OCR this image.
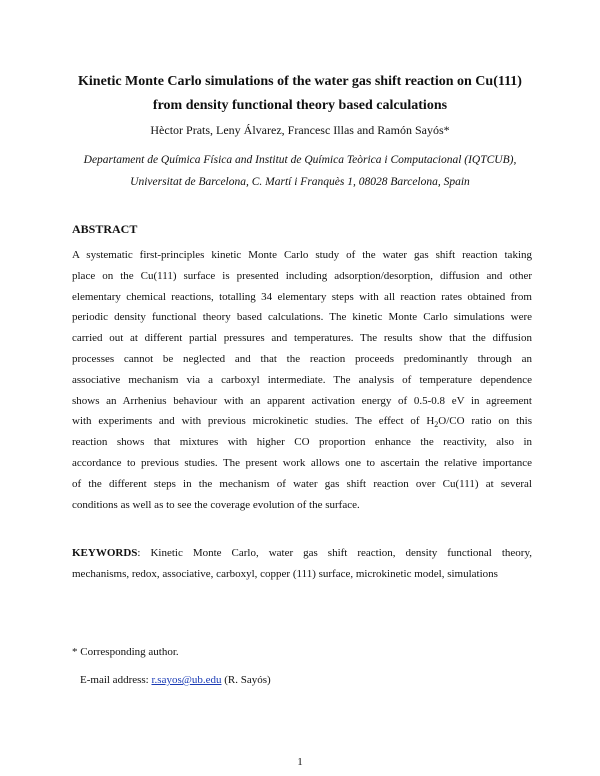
Kinetic Monte Carlo simulations of the water gas shift reaction on Cu(111)
from density functional theory based calculations
Hèctor Prats, Leny Álvarez, Francesc Illas and Ramón Sayós*
Departament de Química Física and Institut de Química Teòrica i Computacional (IQTCUB),
Universitat de Barcelona, C. Martí i Franquès 1, 08028 Barcelona, Spain
ABSTRACT
A systematic first-principles kinetic Monte Carlo study of the water gas shift reaction taking
place on the Cu(111) surface is presented including adsorption/desorption, diffusion and other
elementary chemical reactions, totalling 34 elementary steps with all reaction rates obtained from
periodic density functional theory based calculations. The kinetic Monte Carlo simulations were
carried out at different partial pressures and temperatures. The results show that the diffusion
processes cannot be neglected and that the reaction proceeds predominantly through an
associative mechanism via a carboxyl intermediate. The analysis of temperature dependence
shows an Arrhenius behaviour with an apparent activation energy of 0.5-0.8 eV in agreement
with experiments and with previous microkinetic studies. The effect of $H_2O/CO$ ratio on this
reaction shows that mixtures with higher CO proportion enhance the reactivity, also in
accordance to previous studies. The present work allows one to ascertain the relative importance
of the different steps in the mechanism of water gas shift reaction over Cu(111) at several
conditions as well as to see the coverage evolution of the surface.
KEYWORDS: Kinetic Monte Carlo, water gas shift reaction, density functional theory,
mechanisms, redox, associative, carboxyl, copper (111) surface, microkinetic model, simulations
* Corresponding author.
E-mail address: r.sayos@ub.edu (R. Sayós)
1
